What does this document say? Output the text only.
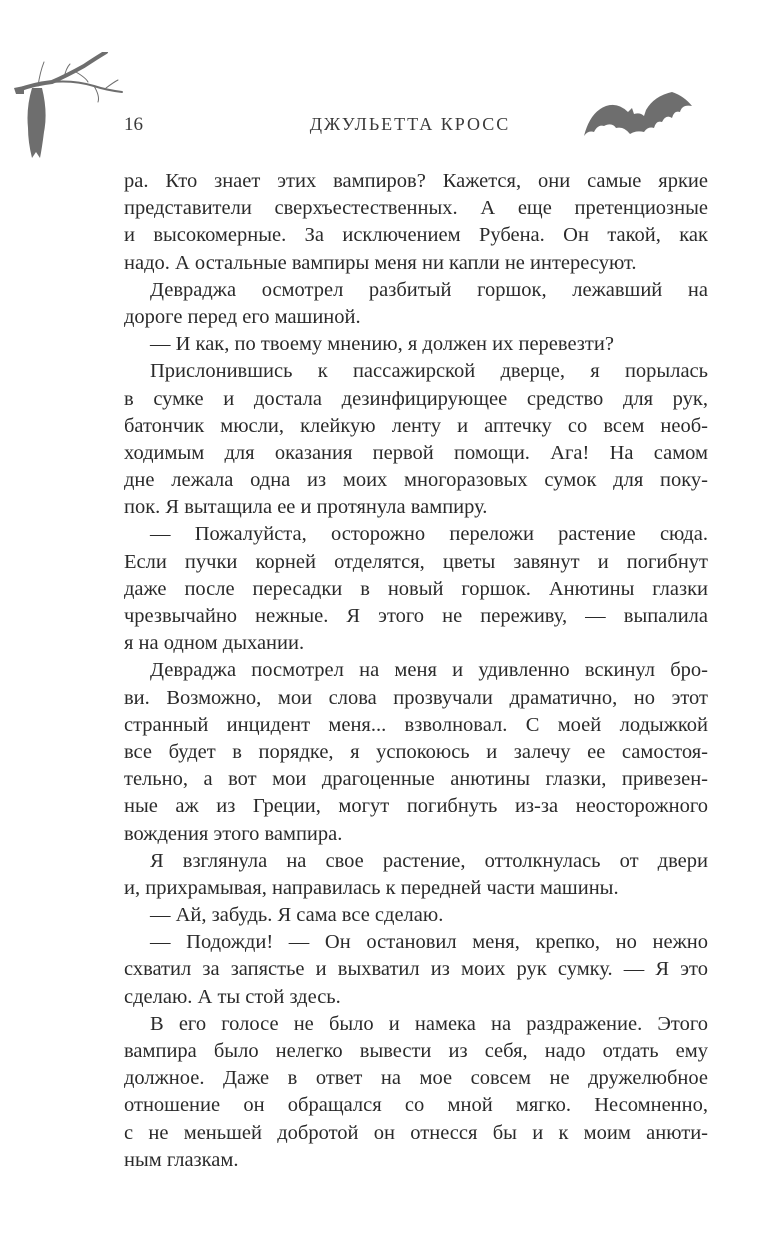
16	ДЖУЛЬЕТТА КРОСС
ра. Кто знает этих вампиров? Кажется, они самые яркие
представители сверхъестественных. А еще претенциозные
и высокомерные. За исключением Рубена. Он такой, как
надо. А остальные вампиры меня ни капли не интересуют.
Девраджа осмотрел разбитый горшок, лежавший на
дороге перед его машиной.
— И как, по твоему мнению, я должен их перевезти?
Прислонившись к пассажирской дверце, я порылась
в сумке и достала дезинфицирующее средство для рук,
батончик мюсли, клейкую ленту и аптечку со всем необ-
ходимым для оказания первой помощи. Ага! На самом
дне лежала одна из моих многоразовых сумок для поку-
пок. Я вытащила ее и протянула вампиру.
— Пожалуйста, осторожно переложи растение сюда.
Если пучки корней отделятся, цветы завянут и погибнут
даже после пересадки в новый горшок. Анютины глазки
чрезвычайно нежные. Я этого не переживу, — выпалила
я на одном дыхании.
Девраджа посмотрел на меня и удивленно вскинул бро-
ви. Возможно, мои слова прозвучали драматично, но этот
странный инцидент меня... взволновал. С моей лодыжкой
все будет в порядке, я успокоюсь и залечу ее самостоя-
тельно, а вот мои драгоценные анютины глазки, привезен-
ные аж из Греции, могут погибнуть из-за неосторожного
вождения этого вампира.
Я взглянула на свое растение, оттолкнулась от двери
и, прихрамывая, направилась к передней части машины.
— Ай, забудь. Я сама все сделаю.
— Подожди! — Он остановил меня, крепко, но нежно
схватил за запястье и выхватил из моих рук сумку. — Я это
сделаю. А ты стой здесь.
В его голосе не было и намека на раздражение. Этого
вампира было нелегко вывести из себя, надо отдать ему
должное. Даже в ответ на мое совсем не дружелюбное
отношение он обращался со мной мягко. Несомненно,
с не меньшей добротой он отнесся бы и к моим анюти-
ным глазкам.
